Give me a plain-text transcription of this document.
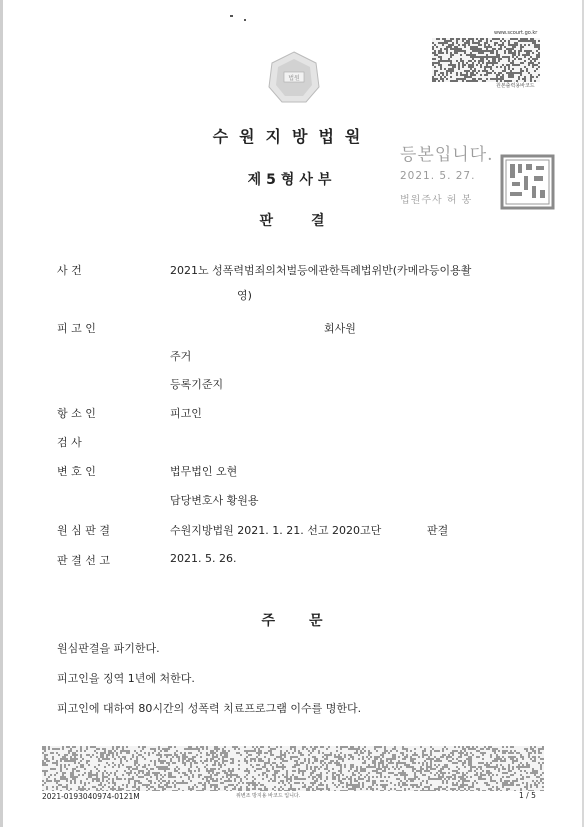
법원
www.scourt.go.kr
원본출력용바코드
수원지방법원
제5형사부
판결
등본입니다.
2021. 5. 27.
법원주사 허 봉
사 건	2021노 성폭력범죄의처벌등에관한특례법위반(카메라등이용촬
영)
피 고 인	회사원
주거
등록기준지
항 소 인	피고인
검 사
변 호 인	법무법인 오현
담당변호사 황원용
원 심 판 결	수원지방법원 2021. 1. 21. 선고 2020고단	판결
판 결 선 고	2021. 5. 26.
주문
원심판결을 파기한다.
피고인을 징역 1년에 처한다.
피고인에 대하여 80시간의 성폭력 치료프로그램 이수를 명한다.
2021-0193040974-0121M	위변조 방지용 바코드 입니다.	1 / 5
